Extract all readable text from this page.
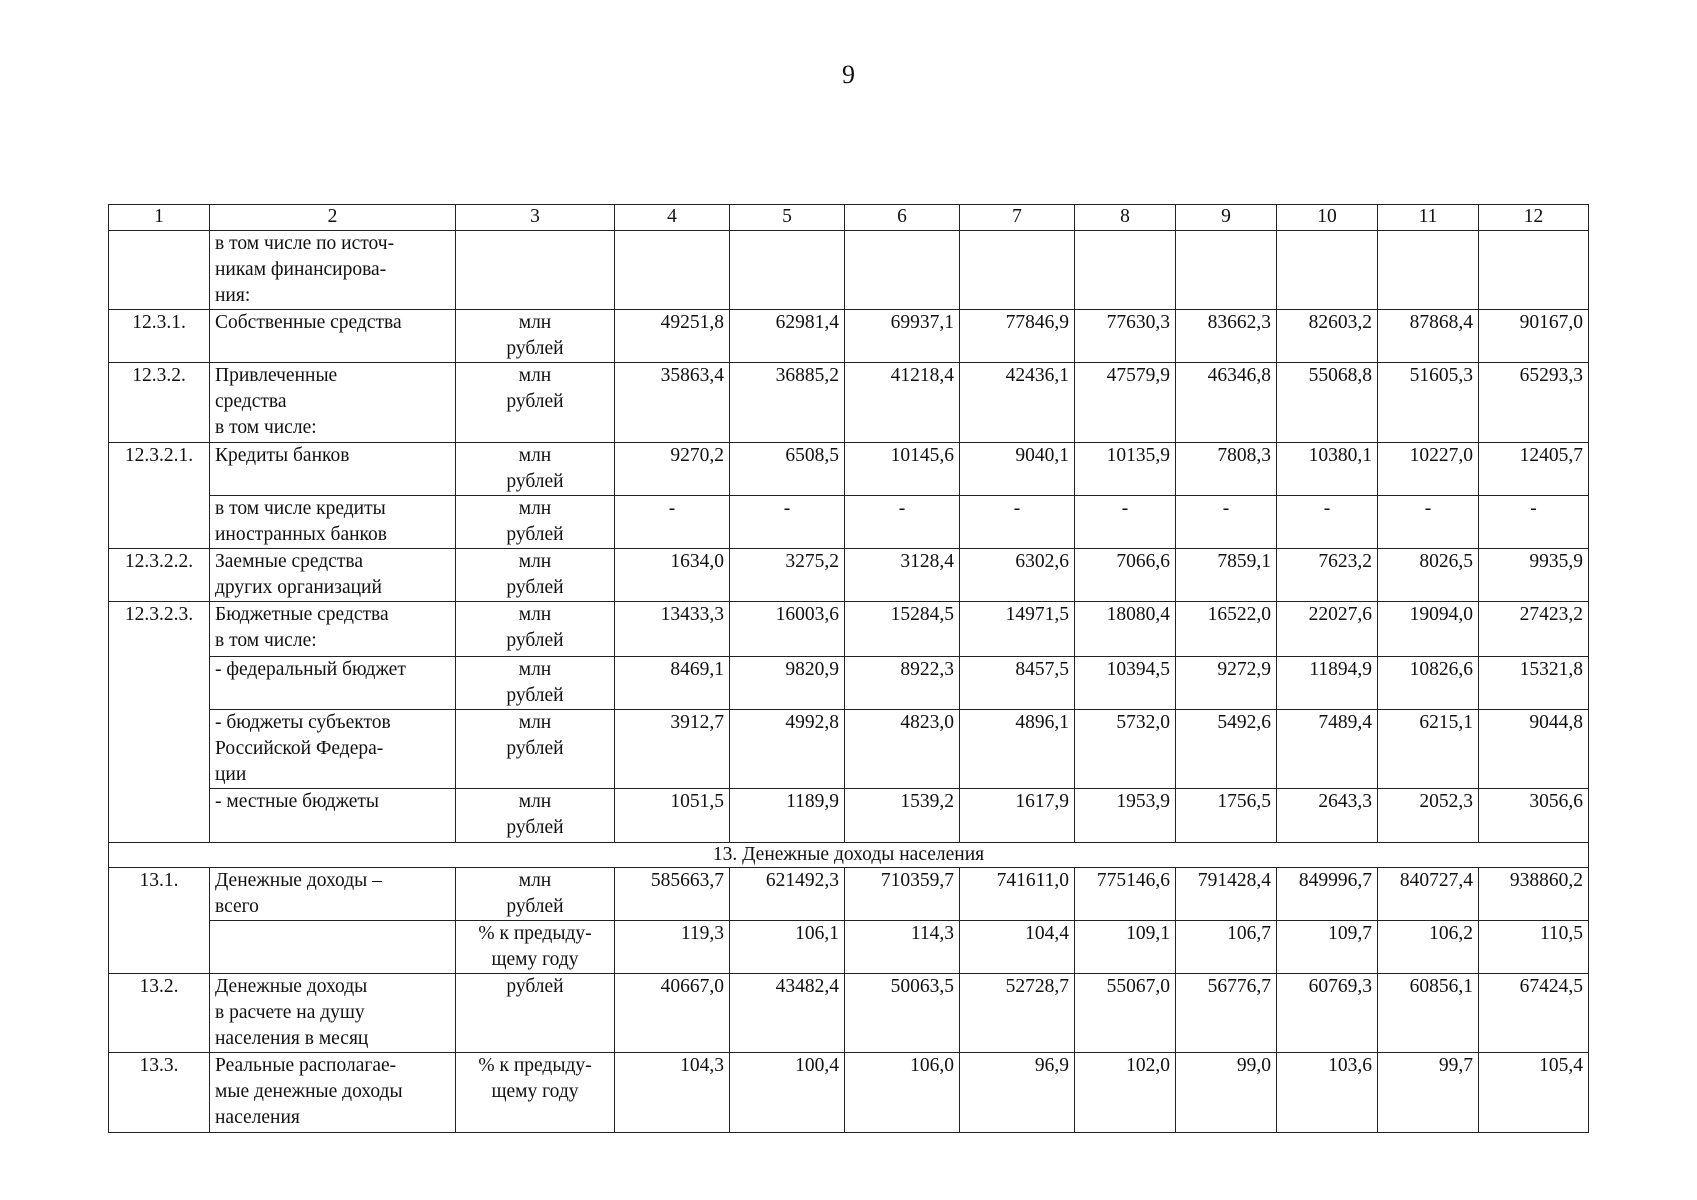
9
1	2	3	4	5	6	7	8	9	10	11	12
	в том числе по источ-
никам финансирова-
ния:										
12.3.1.	Собственные средства	млн
рублей	49251,8	62981,4	69937,1	77846,9	77630,3	83662,3	82603,2	87868,4	90167,0
12.3.2.	Привлеченные
средства
в том числе:	млн
рублей	35863,4	36885,2	41218,4	42436,1	47579,9	46346,8	55068,8	51605,3	65293,3
12.3.2.1.	Кредиты банков	млн
рублей	9270,2	6508,5	10145,6	9040,1	10135,9	7808,3	10380,1	10227,0	12405,7
	в том числе кредиты
иностранных банков	млн
рублей	-	-	-	-	-	-	-	-	-
12.3.2.2.	Заемные средства
других организаций	млн
рублей	1634,0	3275,2	3128,4	6302,6	7066,6	7859,1	7623,2	8026,5	9935,9
12.3.2.3.	Бюджетные средства
в том числе:	млн
рублей	13433,3	16003,6	15284,5	14971,5	18080,4	16522,0	22027,6	19094,0	27423,2
	- федеральный бюджет	млн
рублей	8469,1	9820,9	8922,3	8457,5	10394,5	9272,9	11894,9	10826,6	15321,8
	- бюджеты субъектов
Российской Федера-
ции	млн
рублей	3912,7	4992,8	4823,0	4896,1	5732,0	5492,6	7489,4	6215,1	9044,8
	- местные бюджеты	млн
рублей	1051,5	1189,9	1539,2	1617,9	1953,9	1756,5	2643,3	2052,3	3056,6
13. Денежные доходы населения											
13.1.	Денежные доходы –
всего	млн
рублей	585663,7	621492,3	710359,7	741611,0	775146,6	791428,4	849996,7	840727,4	938860,2
		% к предыду-
щему году	119,3	106,1	114,3	104,4	109,1	106,7	109,7	106,2	110,5
13.2.	Денежные доходы
в расчете на душу
населения в месяц	рублей	40667,0	43482,4	50063,5	52728,7	55067,0	56776,7	60769,3	60856,1	67424,5
13.3.	Реальные располагае-
мые денежные доходы
населения	% к предыду-
щему году	104,3	100,4	106,0	96,9	102,0	99,0	103,6	99,7	105,4
